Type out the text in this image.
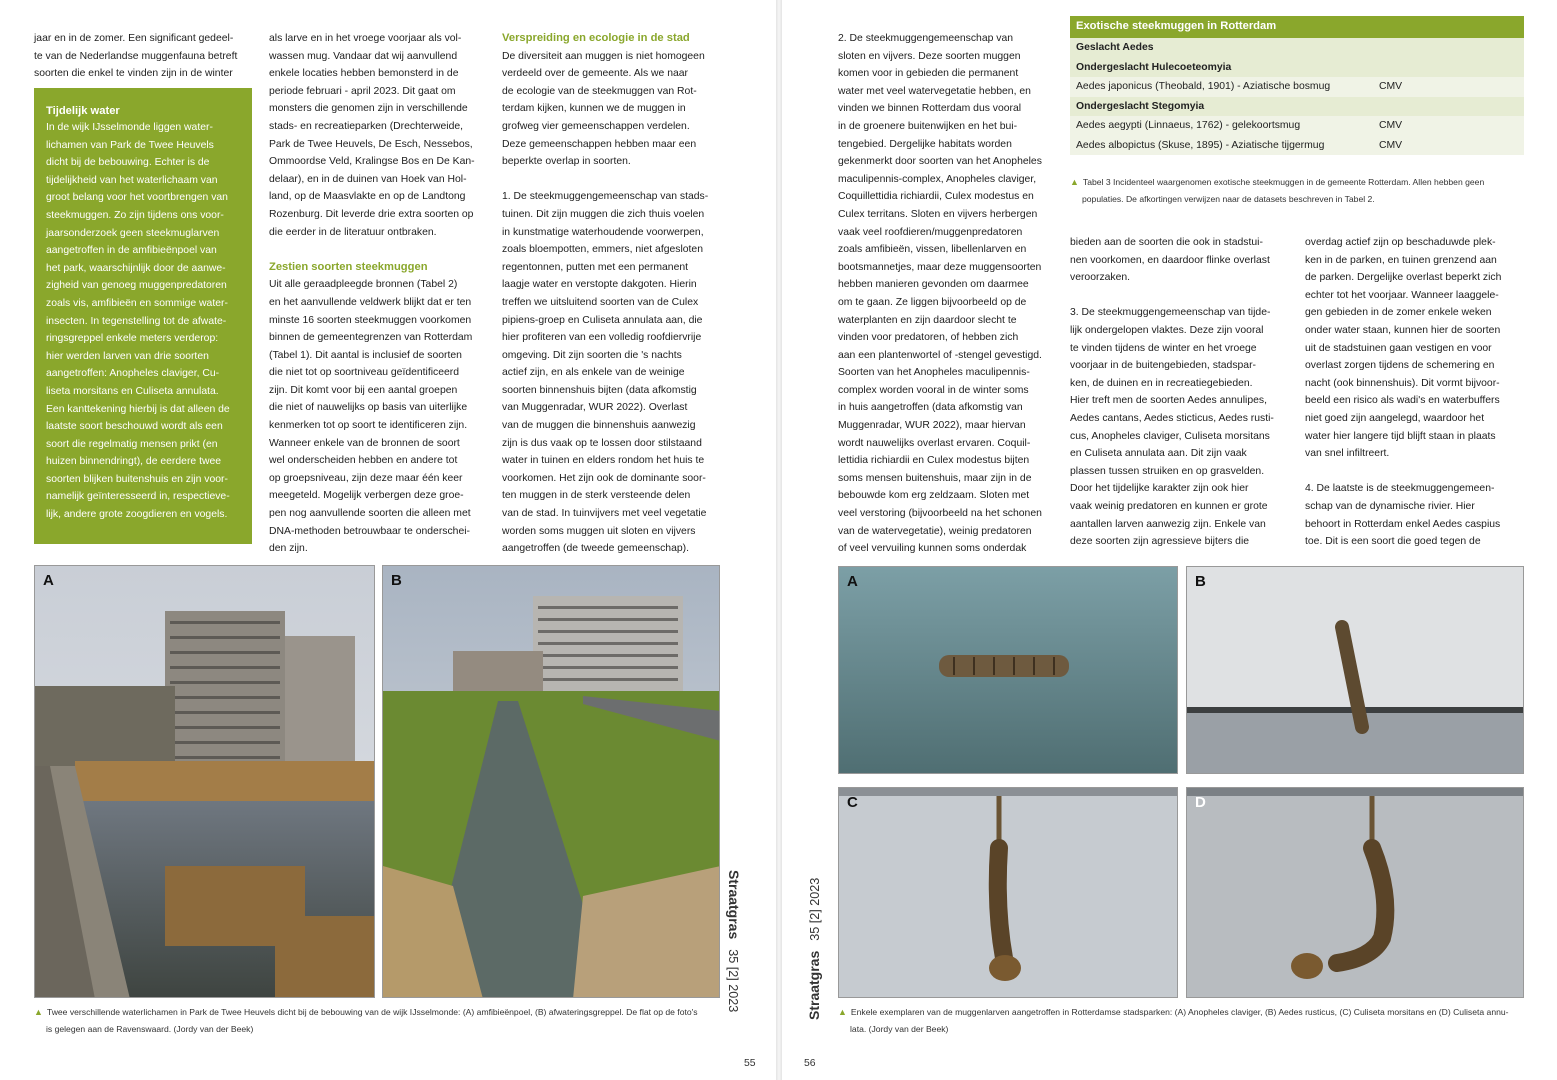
jaar en in de zomer. Een significant gedeel-

te van de Nederlandse muggenfauna betreft

soorten die enkel te vinden zijn in de winter

Tijdelijk water

In de wijk IJsselmonde liggen water-

lichamen van Park de Twee Heuvels

dicht bij de bebouwing. Echter is de

tijdelijkheid van het waterlichaam van

groot belang voor het voortbrengen van

steekmuggen. Zo zijn tijdens ons voor-

jaarsonderzoek geen steekmuglarven

aangetroffen in de amfibieënpoel van

het park, waarschijnlijk door de aanwe-

zigheid van genoeg muggenpredatoren

zoals vis, amfibieën en sommige water-

insecten. In tegenstelling tot de afwate-

ringsgreppel enkele meters verderop:

hier werden larven van drie soorten

aangetroffen: Anopheles claviger, Cu-

liseta morsitans en Culiseta annulata.

Een kanttekening hierbij is dat alleen de

laatste soort beschouwd wordt als een

soort die regelmatig mensen prikt (en

huizen binnendringt), de eerdere twee

soorten blijken buitenshuis en zijn voor-

namelijk geïnteresseerd in, respectieve-

lijk, andere grote zoogdieren en vogels.

als larve en in het vroege voorjaar als vol-

wassen mug. Vandaar dat wij aanvullend

enkele locaties hebben bemonsterd in de

periode februari - april 2023. Dit gaat om

monsters die genomen zijn in verschillende

stads- en recreatieparken (Drechterweide,

Park de Twee Heuvels, De Esch, Nessebos,

Ommoordse Veld, Kralingse Bos en De Kan-

delaar), en in de duinen van Hoek van Hol-

land, op de Maasvlakte en op de Landtong

Rozenburg. Dit leverde drie extra soorten op

die eerder in de literatuur ontbraken.

Zestien soorten steekmuggen

Uit alle geraadpleegde bronnen (Tabel 2)

en het aanvullende veldwerk blijkt dat er ten

minste 16 soorten steekmuggen voorkomen

binnen de gemeentegrenzen van Rotterdam

(Tabel 1). Dit aantal is inclusief de soorten

die niet tot op soortniveau geïdentificeerd

zijn. Dit komt voor bij een aantal groepen

die niet of nauwelijks op basis van uiterlijke

kenmerken tot op soort te identificeren zijn.

Wanneer enkele van de bronnen de soort

wel onderscheiden hebben en andere tot

op groepsniveau, zijn deze maar één keer

meegeteld. Mogelijk verbergen deze groe-

pen nog aanvullende soorten die alleen met

DNA-methoden betrouwbaar te onderschei-

den zijn.

Verspreiding en ecologie in de stad

De diversiteit aan muggen is niet homogeen

verdeeld over de gemeente. Als we naar

de ecologie van de steekmuggen van Rot-

terdam kijken, kunnen we de muggen in

grofweg vier gemeenschappen verdelen.

Deze gemeenschappen hebben maar een

beperkte overlap in soorten.

1. De steekmuggengemeenschap van stads-

tuinen. Dit zijn muggen die zich thuis voelen

in kunstmatige waterhoudende voorwerpen,

zoals bloempotten, emmers, niet afgesloten

regentonnen, putten met een permanent

laagje water en verstopte dakgoten. Hierin

treffen we uitsluitend soorten van de Culex

pipiens-groep en Culiseta annulata aan, die

hier profiteren van een volledig roofdiervrije

omgeving. Dit zijn soorten die 's nachts

actief zijn, en als enkele van de weinige

soorten binnenshuis bijten (data afkomstig

van Muggenradar, WUR 2022). Overlast

van de muggen die binnenshuis aanwezig

zijn is dus vaak op te lossen door stilstaand

water in tuinen en elders rondom het huis te

voorkomen. Het zijn ook de dominante soor-

ten muggen in de sterk versteende delen

van de stad. In tuinvijvers met veel vegetatie

worden soms muggen uit sloten en vijvers

aangetroffen (de tweede gemeenschap).

A	B

▲ Twee verschillende waterlichamen in Park de Twee Heuvels dicht bij de bebouwing van de wijk IJsselmonde: (A) amfibieënpoel, (B) afwateringsgreppel. De flat op de foto's

is gelegen aan de Ravenswaard. (Jordy van der Beek)

Straatgras35 [2] 2023
55

2. De steekmuggengemeenschap van

sloten en vijvers. Deze soorten muggen

komen voor in gebieden die permanent

water met veel watervegetatie hebben, en

vinden we binnen Rotterdam dus vooral

in de groenere buitenwijken en het bui-

tengebied. Dergelijke habitats worden

gekenmerkt door soorten van het Anopheles

maculipennis-complex, Anopheles claviger,

Coquillettidia richiardii, Culex modestus en

Culex territans. Sloten en vijvers herbergen

vaak veel roofdieren/muggenpredatoren

zoals amfibieën, vissen, libellenlarven en

bootsmannetjes, maar deze muggensoorten

hebben manieren gevonden om daarmee

om te gaan. Ze liggen bijvoorbeeld op de

waterplanten en zijn daardoor slecht te

vinden voor predatoren, of hebben zich

aan een plantenwortel of -stengel gevestigd.

Soorten van het Anopheles maculipennis-

complex worden vooral in de winter soms

in huis aangetroffen (data afkomstig van

Muggenradar, WUR 2022), maar hiervan

wordt nauwelijks overlast ervaren. Coquil-

lettidia richiardii en Culex modestus bijten

soms mensen buitenshuis, maar zijn in de

bebouwde kom erg zeldzaam. Sloten met

veel verstoring (bijvoorbeeld na het schonen

van de watervegetatie), weinig predatoren

of veel vervuiling kunnen soms onderdak

Exotische steekmuggen in Rotterdam
Geslacht Aedes
Ondergeslacht Hulecoeteomyia
Aedes japonicus (Theobald, 1901) - Aziatische bosmug	CMV
Ondergeslacht Stegomyia
Aedes aegypti (Linnaeus, 1762) - gelekoortsmug	CMV
Aedes albopictus (Skuse, 1895) - Aziatische tijgermug	CMV

▲ Tabel 3 Incidenteel waargenomen exotische steekmuggen in de gemeente Rotterdam. Allen hebben geen

populaties. De afkortingen verwijzen naar de datasets beschreven in Tabel 2.

bieden aan de soorten die ook in stadstui-

nen voorkomen, en daardoor flinke overlast

veroorzaken.

3. De steekmuggengemeenschap van tijde-

lijk ondergelopen vlaktes. Deze zijn vooral

te vinden tijdens de winter en het vroege

voorjaar in de buitengebieden, stadspar-

ken, de duinen en in recreatiegebieden.

Hier treft men de soorten Aedes annulipes,

Aedes cantans, Aedes sticticus, Aedes rusti-

cus, Anopheles claviger, Culiseta morsitans

en Culiseta annulata aan. Dit zijn vaak

plassen tussen struiken en op grasvelden.

Door het tijdelijke karakter zijn ook hier

vaak weinig predatoren en kunnen er grote

aantallen larven aanwezig zijn. Enkele van

deze soorten zijn agressieve bijters die

overdag actief zijn op beschaduwde plek-

ken in de parken, en tuinen grenzend aan

de parken. Dergelijke overlast beperkt zich

echter tot het voorjaar. Wanneer laaggele-

gen gebieden in de zomer enkele weken

onder water staan, kunnen hier de soorten

uit de stadstuinen gaan vestigen en voor

overlast zorgen tijdens de schemering en

nacht (ook binnenshuis). Dit vormt bijvoor-

beeld een risico als wadi's en waterbuffers

niet goed zijn aangelegd, waardoor het

water hier langere tijd blijft staan in plaats

van snel infiltreert.

4. De laatste is de steekmuggengemeen-

schap van de dynamische rivier. Hier

behoort in Rotterdam enkel Aedes caspius

toe. Dit is een soort die goed tegen de

A	B
C	D

▲ Enkele exemplaren van de muggenlarven aangetroffen in Rotterdamse stadsparken: (A) Anopheles claviger, (B) Aedes rusticus, (C) Culiseta morsitans en (D) Culiseta annu-

lata. (Jordy van der Beek)

Straatgras35 [2] 2023
56
